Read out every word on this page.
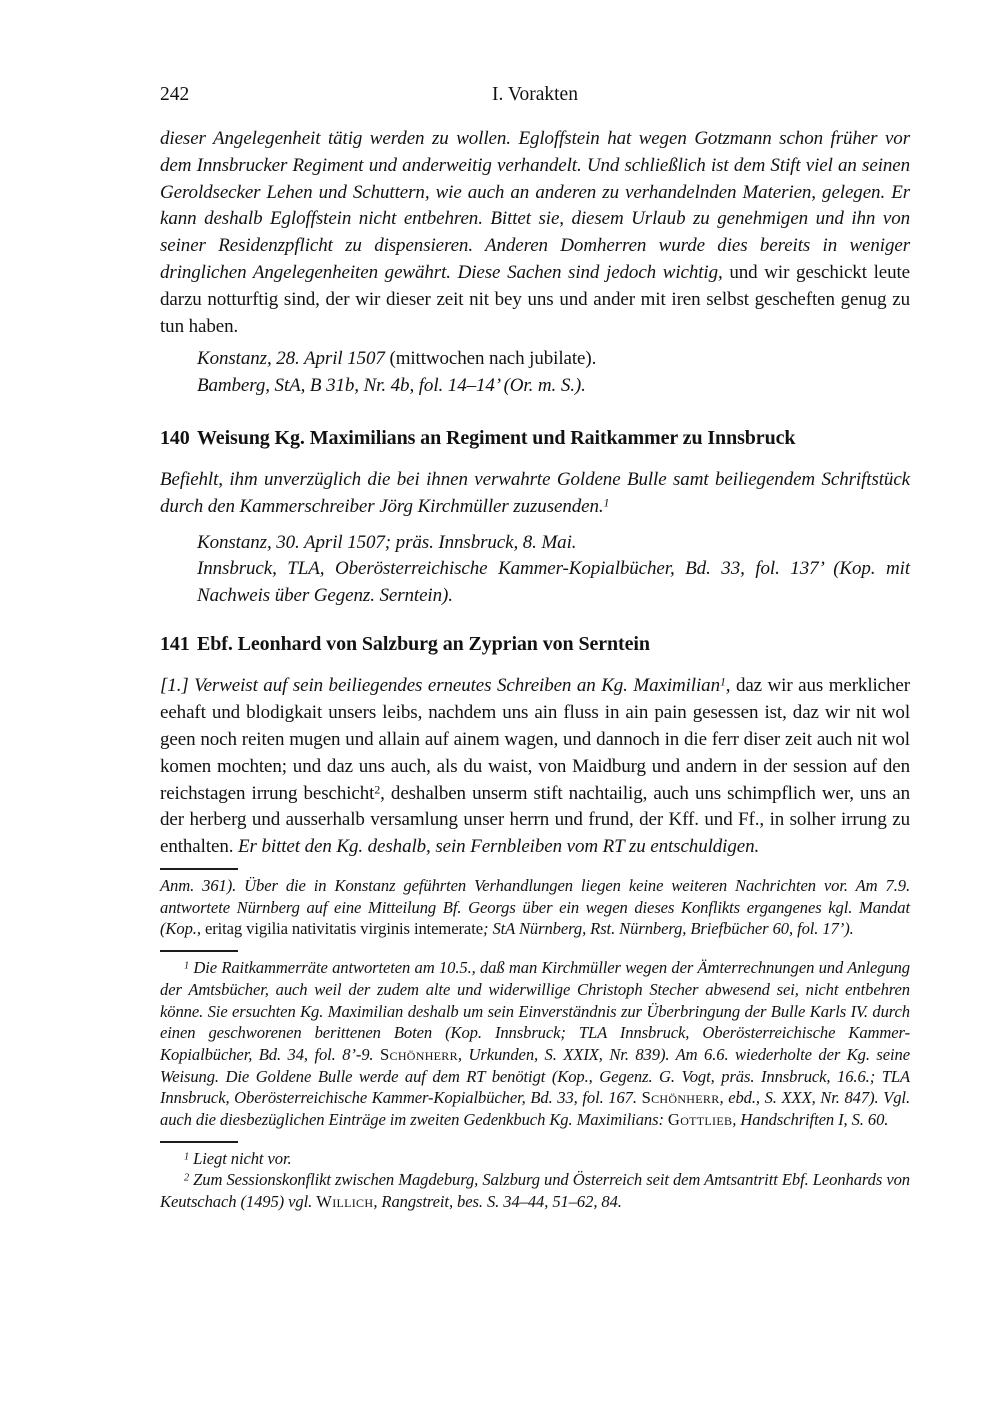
242	I. Vorakten

dieser Angelegenheit tätig werden zu wollen. Egloffstein hat wegen Gotzmann schon früher vor dem Innsbrucker Regiment und anderweitig verhandelt. Und schließlich ist dem Stift viel an seinen Geroldsecker Lehen und Schuttern, wie auch an anderen zu verhandelnden Materien, gelegen. Er kann deshalb Egloffstein nicht entbehren. Bittet sie, diesem Urlaub zu genehmigen und ihn von seiner Residenzpflicht zu dispensieren. Anderen Domherren wurde dies bereits in weniger dringlichen Angelegenheiten gewährt. Diese Sachen sind jedoch wichtig, und wir geschickt leute darzu notturftig sind, der wir dieser zeit nit bey uns und ander mit iren selbst gescheften genug zu tun haben.

Konstanz, 28. April 1507 (mittwochen nach jubilate).

Bamberg, StA, B 31b, Nr. 4b, fol. 14–14’ (Or. m. S.).

140 Weisung Kg. Maximilians an Regiment und Raitkammer zu Innsbruck

Befiehlt, ihm unverzüglich die bei ihnen verwahrte Goldene Bulle samt beiliegendem Schriftstück durch den Kammerschreiber Jörg Kirchmüller zuzusenden.$^1$

Konstanz, 30. April 1507; präs. Innsbruck, 8. Mai.

Innsbruck, TLA, Oberösterreichische Kammer-Kopialbücher, Bd. 33, fol. 137’ (Kop. mit Nachweis über Gegenz. Serntein).

141 Ebf. Leonhard von Salzburg an Zyprian von Serntein

[1.] Verweist auf sein beiliegendes erneutes Schreiben an Kg. Maximilian$^1$, daz wir aus merklicher eehaft und blodigkait unsers leibs, nachdem uns ain fluss in ain pain gesessen ist, daz wir nit wol geen noch reiten mugen und allain auf ainem wagen, und dannoch in die ferr diser zeit auch nit wol komen mochten; und daz uns auch, als du waist, von Maidburg und andern in der session auf den reichstagen irrung beschicht$^2$, deshalben unserm stift nachtailig, auch uns schimpflich wer, uns an der herberg und ausserhalb versamlung unser herrn und frund, der Kff. und Ff., in solher irrung zu enthalten. Er bittet den Kg. deshalb, sein Fernbleiben vom RT zu entschuldigen.

Anm. 361). Über die in Konstanz geführten Verhandlungen liegen keine weiteren Nachrichten vor. Am 7.9. antwortete Nürnberg auf eine Mitteilung Bf. Georgs über ein wegen dieses Konflikts ergangenes kgl. Mandat (Kop., eritag vigilia nativitatis virginis intemerate; StA Nürnberg, Rst. Nürnberg, Briefbücher 60, fol. 17’).

$^1$ Die Raitkammerräte antworteten am 10.5., daß man Kirchmüller wegen der Ämterrechnungen und Anlegung der Amtsbücher, auch weil der zudem alte und widerwillige Christoph Stecher abwesend sei, nicht entbehren könne. Sie ersuchten Kg. Maximilian deshalb um sein Einverständnis zur Überbringung der Bulle Karls IV. durch einen geschworenen berittenen Boten (Kop. Innsbruck; TLA Innsbruck, Oberösterreichische Kammer-Kopialbücher, Bd. 34, fol. 8’-9. Schönherr, Urkunden, S. XXIX, Nr. 839). Am 6.6. wiederholte der Kg. seine Weisung. Die Goldene Bulle werde auf dem RT benötigt (Kop., Gegenz. G. Vogt, präs. Innsbruck, 16.6.; TLA Innsbruck, Oberösterreichische Kammer-Kopialbücher, Bd. 33, fol. 167. Schönherr, ebd., S. XXX, Nr. 847). Vgl. auch die diesbezüglichen Einträge im zweiten Gedenkbuch Kg. Maximilians: Gottlieb, Handschriften I, S. 60.

$^1$ Liegt nicht vor.

$^2$ Zum Sessionskonflikt zwischen Magdeburg, Salzburg und Österreich seit dem Amtsantritt Ebf. Leonhards von Keutschach (1495) vgl. Willich, Rangstreit, bes. S. 34–44, 51–62, 84.
